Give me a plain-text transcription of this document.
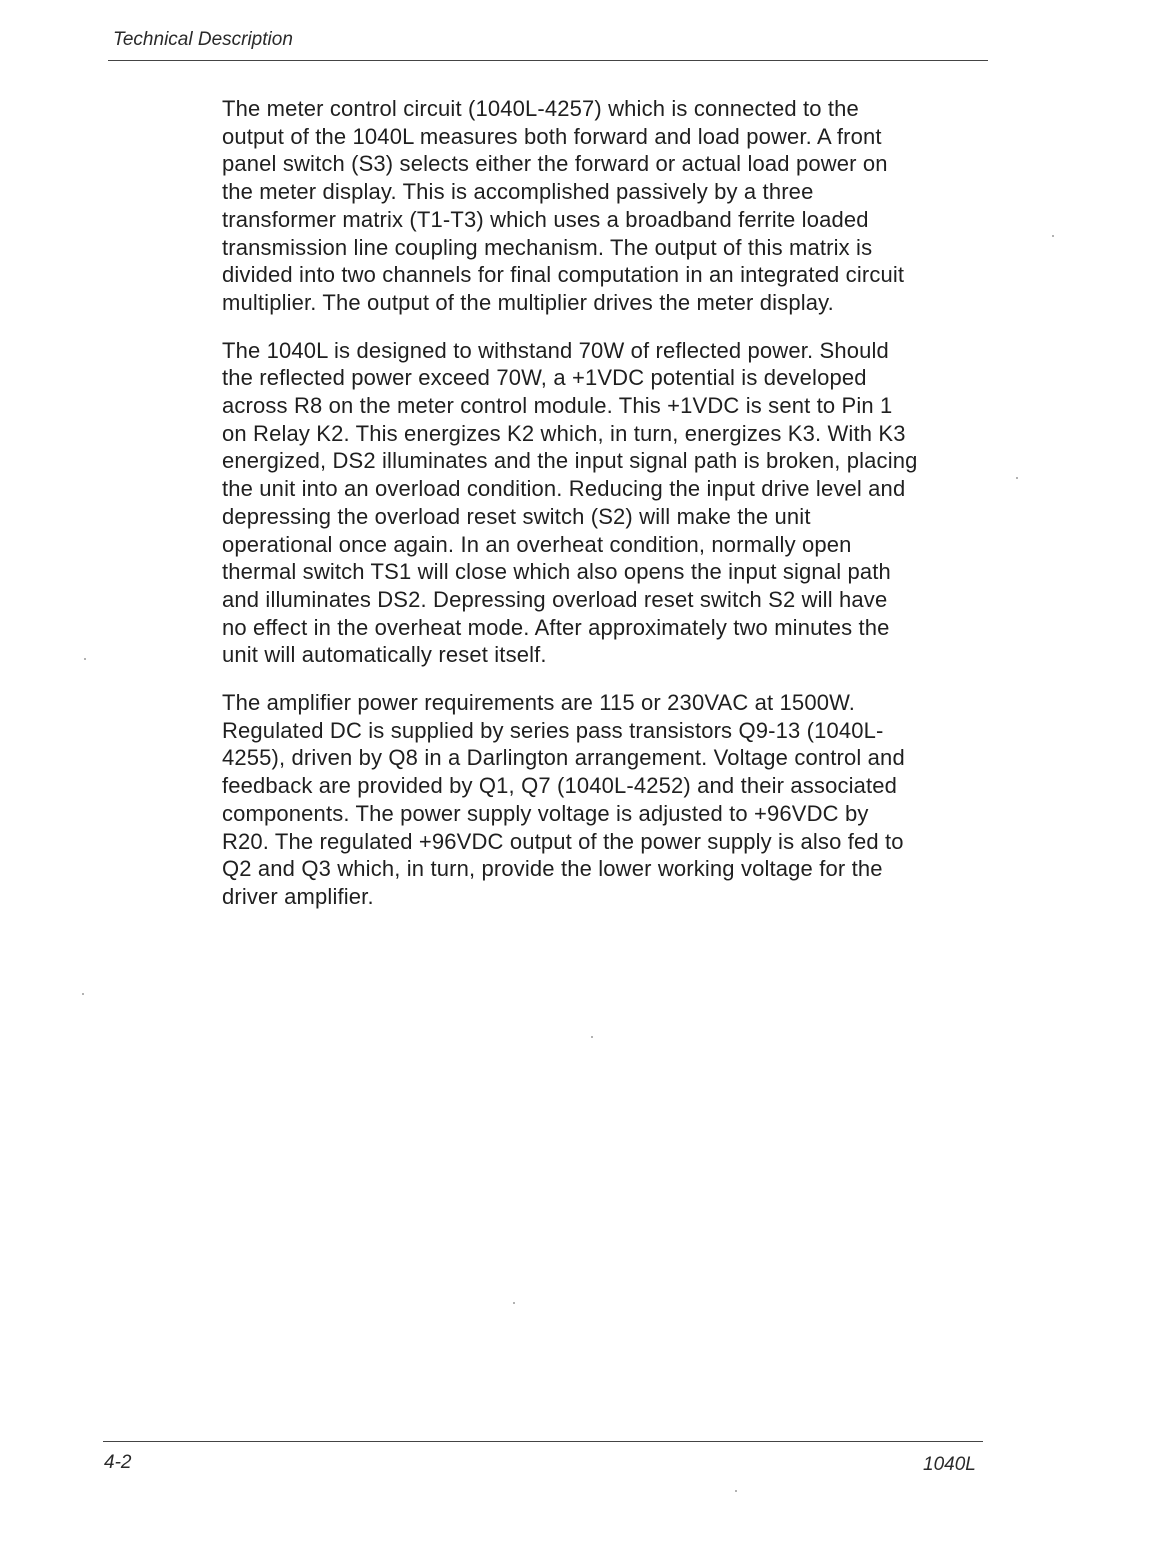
Technical Description

The meter control circuit (1040L-4257) which is connected to the
output of the 1040L measures both forward and load power. A front
panel switch (S3) selects either the forward or actual load power on
the meter display. This is accomplished passively by a three
transformer matrix (T1-T3) which uses a broadband ferrite loaded
transmission line coupling mechanism. The output of this matrix is
divided into two channels for final computation in an integrated circuit
multiplier. The output of the multiplier drives the meter display.

The 1040L is designed to withstand 70W of reflected power. Should
the reflected power exceed 70W, a +1VDC potential is developed
across R8 on the meter control module. This +1VDC is sent to Pin 1
on Relay K2. This energizes K2 which, in turn, energizes K3. With K3
energized, DS2 illuminates and the input signal path is broken, placing
the unit into an overload condition. Reducing the input drive level and
depressing the overload reset switch (S2) will make the unit
operational once again. In an overheat condition, normally open
thermal switch TS1 will close which also opens the input signal path
and illuminates DS2. Depressing overload reset switch S2 will have
no effect in the overheat mode. After approximately two minutes the
unit will automatically reset itself.

The amplifier power requirements are 115 or 230VAC at 1500W.
Regulated DC is supplied by series pass transistors Q9-13 (1040L-
4255), driven by Q8 in a Darlington arrangement. Voltage control and
feedback are provided by Q1, Q7 (1040L-4252) and their associated
components. The power supply voltage is adjusted to +96VDC by
R20. The regulated +96VDC output of the power supply is also fed to
Q2 and Q3 which, in turn, provide the lower working voltage for the
driver amplifier.

4-2	1040L
